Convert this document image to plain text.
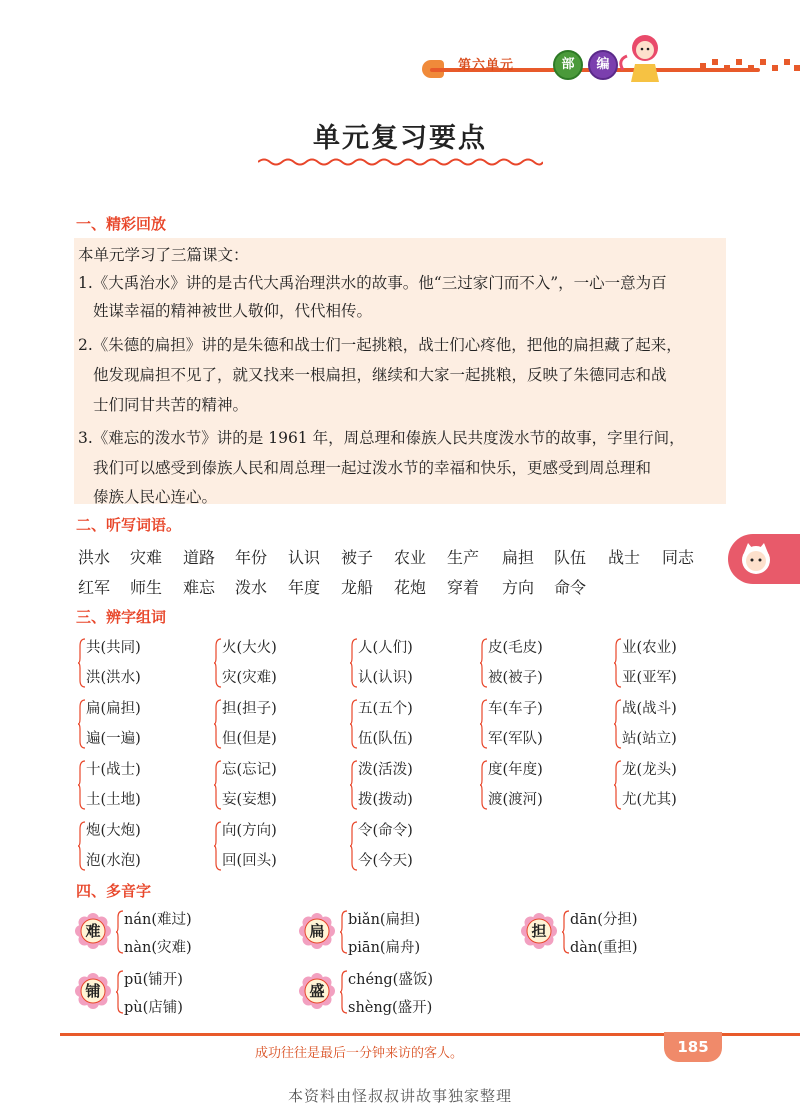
第六单元	部	编
单元复习要点
一、精彩回放
本单元学习了三篇课文：
1.《大禹治水》讲的是古代大禹治理洪水的故事。他“三过家门而不入”，一心一意为百
姓谋幸福的精神被世人敬仰，代代相传。
2.《朱德的扁担》讲的是朱德和战士们一起挑粮，战士们心疼他，把他的扁担藏了起来，
他发现扁担不见了，就又找来一根扁担，继续和大家一起挑粮，反映了朱德同志和战
士们同甘共苦的精神。
3.《难忘的泼水节》讲的是 1961 年，周总理和傣族人民共度泼水节的故事，字里行间，
我们可以感受到傣族人民和周总理一起过泼水节的幸福和快乐，更感受到周总理和
傣族人民心连心。
二、听写词语。
洪水 灾难 道路 年份 认识 被子 农业 生产 扁担 队伍 战士 同志
红军 师生 难忘 泼水 年度 龙船 花炮 穿着 方向 命令
三、辨字组词
共(共同)
洪(洪水)
火(大火)
灾(灾难)
人(人们)
认(认识)
皮(毛皮)
被(被子)
业(农业)
亚(亚军)
扁(扁担)
遍(一遍)
担(担子)
但(但是)
五(五个)
伍(队伍)
车(车子)
军(军队)
战(战斗)
站(站立)
十(战士)
土(土地)
忘(忘记)
妄(妄想)
泼(活泼)
拨(拨动)
度(年度)
渡(渡河)
龙(龙头)
尤(尤其)
炮(大炮)
泡(水泡)
向(方向)
回(回头)
令(命令)
今(今天)
四、多音字
难
nán(难过)
nàn(灾难)
扁
biǎn(扁担)
piān(扁舟)
担
dān(分担)
dàn(重担)
铺
pū(铺开)
pù(店铺)
盛
chéng(盛饭)
shèng(盛开)
成功往往是最后一分钟来访的客人。	185
本资料由怪叔叔讲故事独家整理
